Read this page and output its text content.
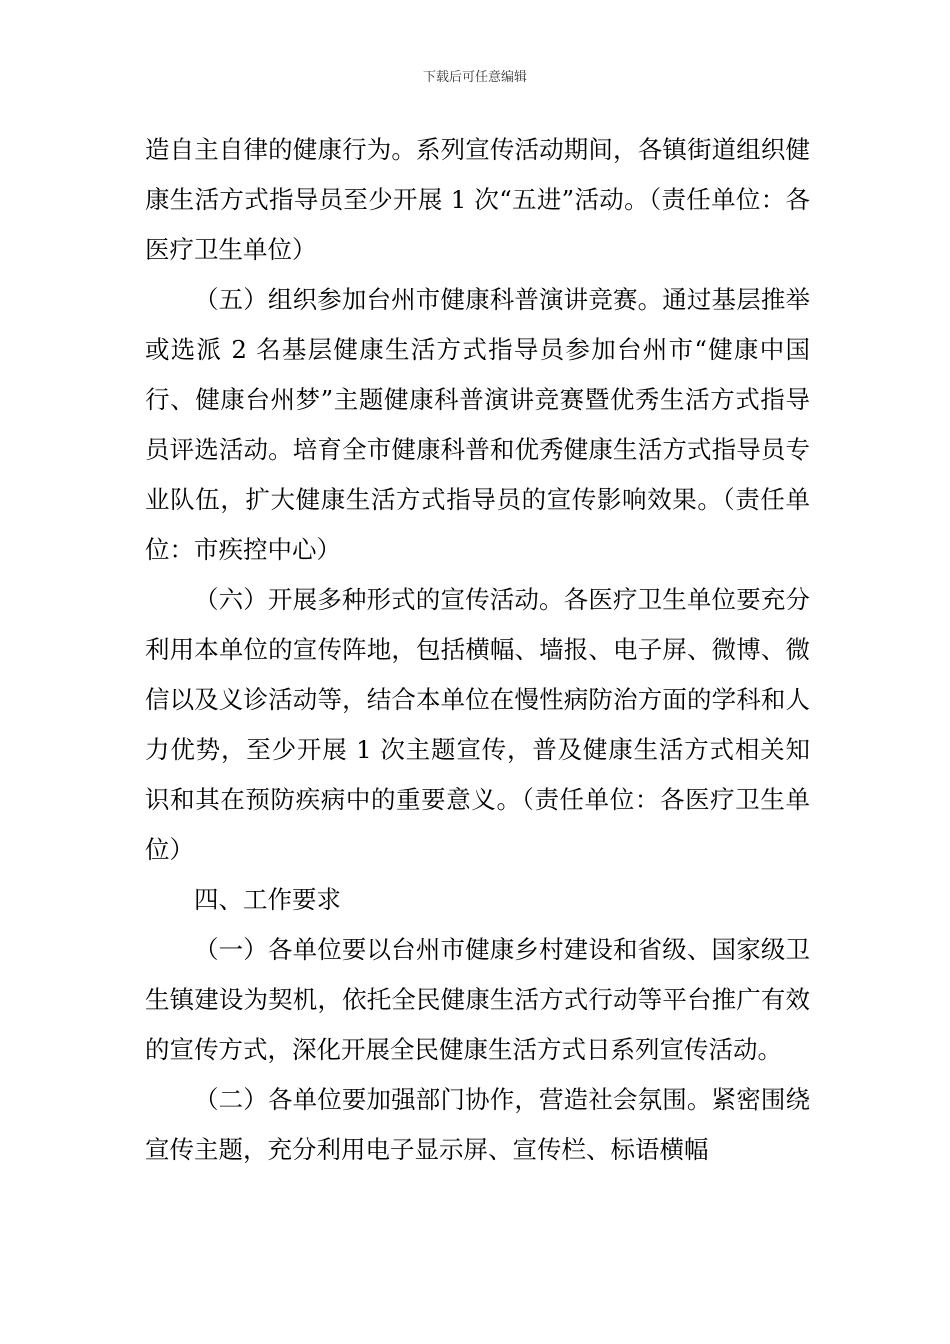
下载后可任意编辑

造自主自律的健康行为。系列宣传活动期间，各镇街道组织健康生活方式指导员至少开展 1 次“五进”活动。（责任单位：各医疗卫生单位）

（五）组织参加台州市健康科普演讲竞赛。通过基层推举或选派 2 名基层健康生活方式指导员参加台州市“健康中国行、健康台州梦”主题健康科普演讲竞赛暨优秀生活方式指导员评选活动。培育全市健康科普和优秀健康生活方式指导员专业队伍，扩大健康生活方式指导员的宣传影响效果。（责任单位：市疾控中心）

（六）开展多种形式的宣传活动。各医疗卫生单位要充分利用本单位的宣传阵地，包括横幅、墙报、电子屏、微博、微信以及义诊活动等，结合本单位在慢性病防治方面的学科和人力优势，至少开展 1 次主题宣传，普及健康生活方式相关知识和其在预防疾病中的重要意义。（责任单位：各医疗卫生单位）

四、工作要求

（一）各单位要以台州市健康乡村建设和省级、国家级卫生镇建设为契机，依托全民健康生活方式行动等平台推广有效的宣传方式，深化开展全民健康生活方式日系列宣传活动。

（二）各单位要加强部门协作，营造社会氛围。紧密围绕宣传主题，充分利用电子显示屏、宣传栏、标语横幅
